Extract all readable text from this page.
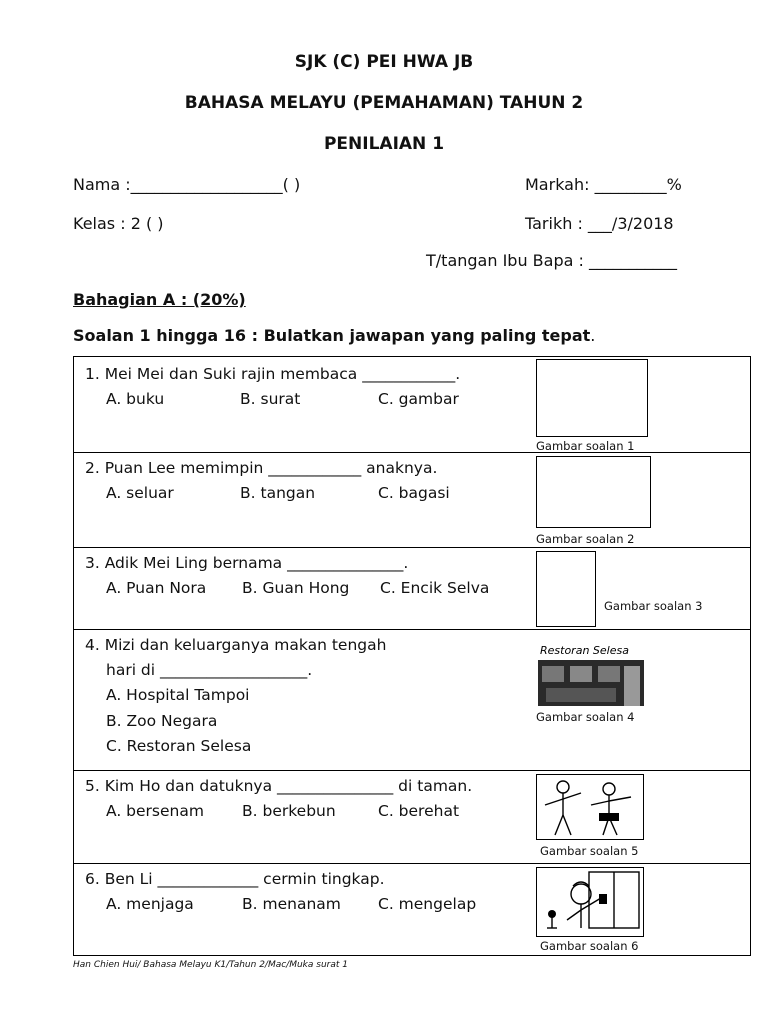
SJK (C) PEI HWA JB
BAHASA MELAYU (PEMAHAMAN) TAHUN 2
PENILAIAN 1
Nama :___________________( )	Markah: _________%
Kelas : 2 ( )	Tarikh : ___/3/2018
T/tangan Ibu Bapa : ___________
Bahagian A : (20%)
Soalan 1 hingga 16 : Bulatkan jawapan yang paling tepat.
1. Mei Mei dan Suki rajin membaca ____________.
A. buku	B. surat	C. gambar
Gambar soalan 1
2. Puan Lee memimpin ____________ anaknya.
A. seluar	B. tangan	C. bagasi
Gambar soalan 2
3. Adik Mei Ling bernama _______________.
A. Puan Nora B. Guan Hong C. Encik Selva
Gambar soalan 3
4. Mizi dan keluarganya makan tengah
hari di ___________________.
A. Hospital Tampoi
B. Zoo Negara
C. Restoran Selesa
Restoran Selesa
Gambar soalan 4
5. Kim Ho dan datuknya _______________ di taman.
A. bersenam B. berkebun	C. berehat
Gambar soalan 5
6. Ben Li _____________ cermin tingkap.
A. menjaga	B. menanam C. mengelap
Gambar soalan 6
Han Chien Hui/ Bahasa Melayu K1/Tahun 2/Mac/Muka surat 1
